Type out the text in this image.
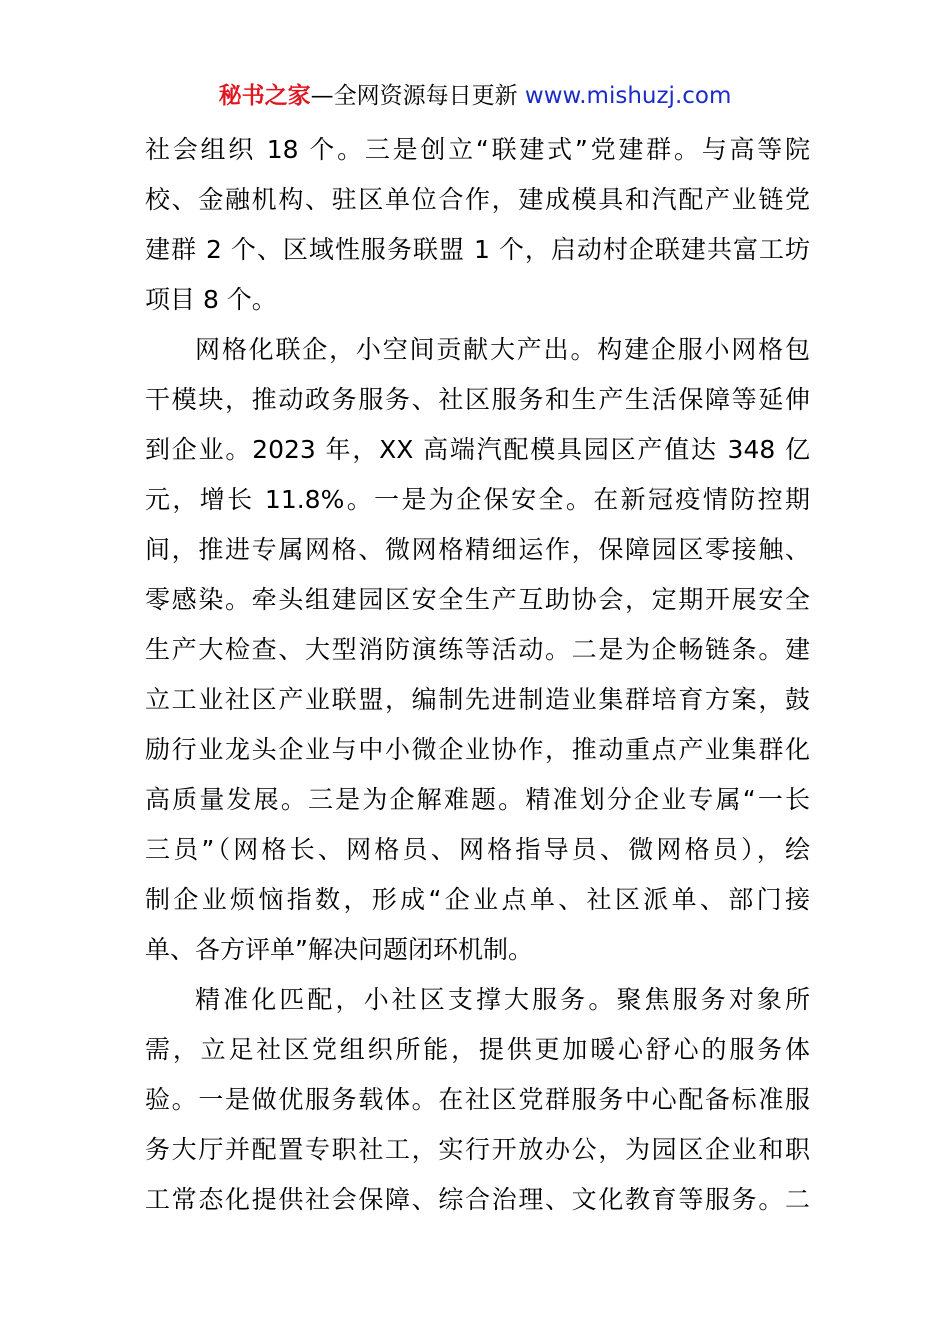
秘书之家—全网资源每日更新 www.mishuzj.com
社会组织 18 个。三是创立“联建式”党建群。与高等院
校、金融机构、驻区单位合作，建成模具和汽配产业链党
建群 2 个、区域性服务联盟 1 个，启动村企联建共富工坊
项目 8 个。
网格化联企，小空间贡献大产出。构建企服小网格包
干模块，推动政务服务、社区服务和生产生活保障等延伸
到企业。2023 年，XX 高端汽配模具园区产值达 348 亿
元，增长 11.8%。一是为企保安全。在新冠疫情防控期
间，推进专属网格、微网格精细运作，保障园区零接触、
零感染。牵头组建园区安全生产互助协会，定期开展安全
生产大检查、大型消防演练等活动。二是为企畅链条。建
立工业社区产业联盟，编制先进制造业集群培育方案，鼓
励行业龙头企业与中小微企业协作，推动重点产业集群化
高质量发展。三是为企解难题。精准划分企业专属“一长
三员”（网格长、网格员、网格指导员、微网格员），绘
制企业烦恼指数，形成“企业点单、社区派单、部门接
单、各方评单”解决问题闭环机制。
精准化匹配，小社区支撑大服务。聚焦服务对象所
需，立足社区党组织所能，提供更加暖心舒心的服务体
验。一是做优服务载体。在社区党群服务中心配备标准服
务大厅并配置专职社工，实行开放办公，为园区企业和职
工常态化提供社会保障、综合治理、文化教育等服务。二
